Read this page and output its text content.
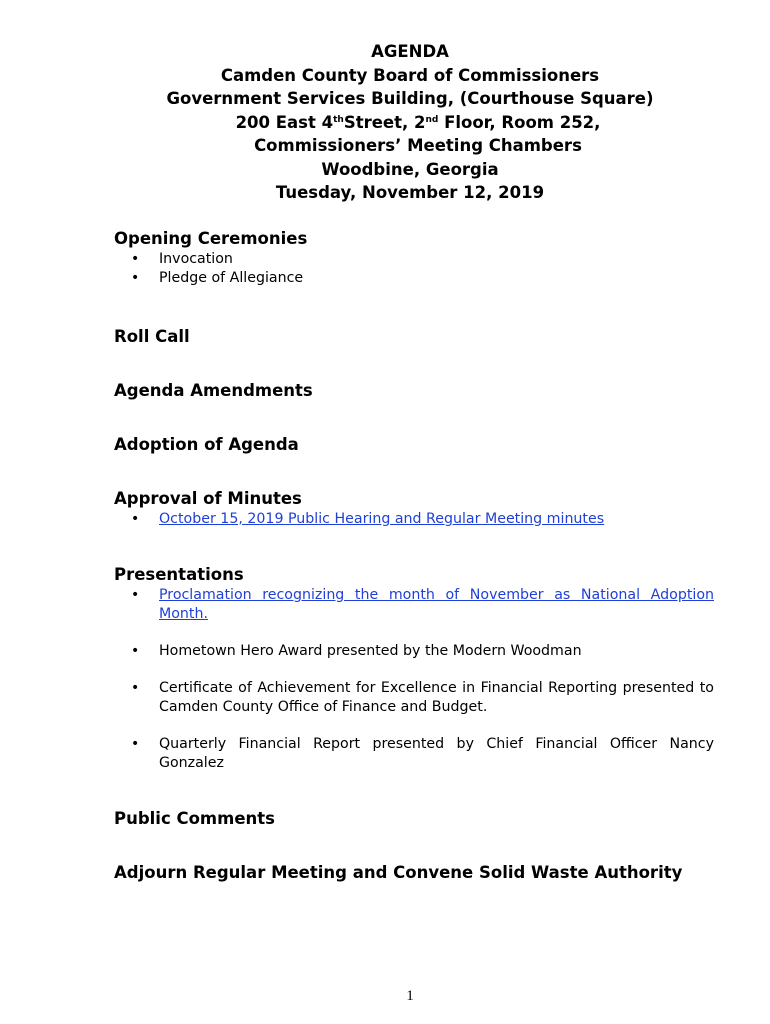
AGENDA
Camden County Board of Commissioners
Government Services Building, (Courthouse Square)
200 East 4thStreet, 2nd Floor, Room 252,
Commissioners’ Meeting Chambers
Woodbine, Georgia
Tuesday, November 12, 2019
Opening Ceremonies
• Invocation
• Pledge of Allegiance
Roll Call
Agenda Amendments
Adoption of Agenda
Approval of Minutes
• October 15, 2019 Public Hearing and Regular Meeting minutes
Presentations
• Proclamation recognizing the month of November as National Adoption Month.
• Hometown Hero Award presented by the Modern Woodman
• Certificate of Achievement for Excellence in Financial Reporting presented to Camden County Office of Finance and Budget.
• Quarterly Financial Report presented by Chief Financial Officer Nancy Gonzalez
Public Comments
Adjourn Regular Meeting and Convene Solid Waste Authority
1
